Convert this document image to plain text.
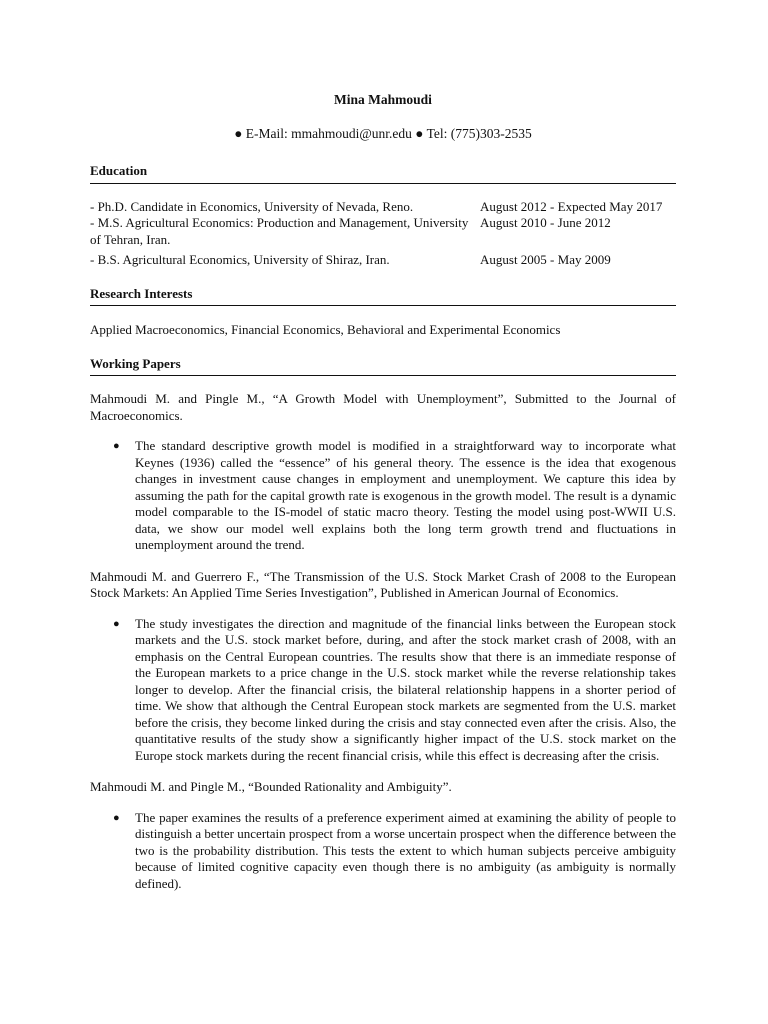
Mina Mahmoudi
● E-Mail: mmahmoudi@unr.edu ● Tel: (775)303-2535
Education
- Ph.D. Candidate in Economics, University of Nevada, Reno.	August 2012 - Expected May 2017
- M.S. Agricultural Economics: Production and Management, University of Tehran, Iran.
August 2010 - June 2012
- B.S. Agricultural Economics, University of Shiraz, Iran.	August 2005 - May 2009
Research Interests

Applied Macroeconomics, Financial Economics, Behavioral and Experimental Economics

Working Papers

Mahmoudi M. and Pingle M., “A Growth Model with Unemployment”, Submitted to the Journal of Macroeconomics.

● The standard descriptive growth model is modified in a straightforward way to incorporate what Keynes (1936) called the “essence” of his general theory. The essence is the idea that exogenous changes in investment cause changes in employment and unemployment. We capture this idea by assuming the path for the capital growth rate is exogenous in the growth model. The result is a dynamic model comparable to the IS-model of static macro theory. Testing the model using post-WWII U.S. data, we show our model well explains both the long term growth trend and fluctuations in unemployment around the trend.

Mahmoudi M. and Guerrero F., “The Transmission of the U.S. Stock Market Crash of 2008 to the European Stock Markets: An Applied Time Series Investigation”, Published in American Journal of Economics.

● The study investigates the direction and magnitude of the financial links between the European stock markets and the U.S. stock market before, during, and after the stock market crash of 2008, with an emphasis on the Central European countries. The results show that there is an immediate response of the European markets to a price change in the U.S. stock market while the reverse relationship takes longer to develop. After the financial crisis, the bilateral relationship happens in a shorter period of time. We show that although the Central European stock markets are segmented from the U.S. market before the crisis, they become linked during the crisis and stay connected even after the crisis. Also, the quantitative results of the study show a significantly higher impact of the U.S. stock market on the Europe stock markets during the recent financial crisis, while this effect is decreasing after the crisis.

Mahmoudi M. and Pingle M., “Bounded Rationality and Ambiguity”.

● The paper examines the results of a preference experiment aimed at examining the ability of people to distinguish a better uncertain prospect from a worse uncertain prospect when the difference between the two is the probability distribution. This tests the extent to which human subjects perceive ambiguity because of limited cognitive capacity even though there is no ambiguity (as ambiguity is normally defined).
